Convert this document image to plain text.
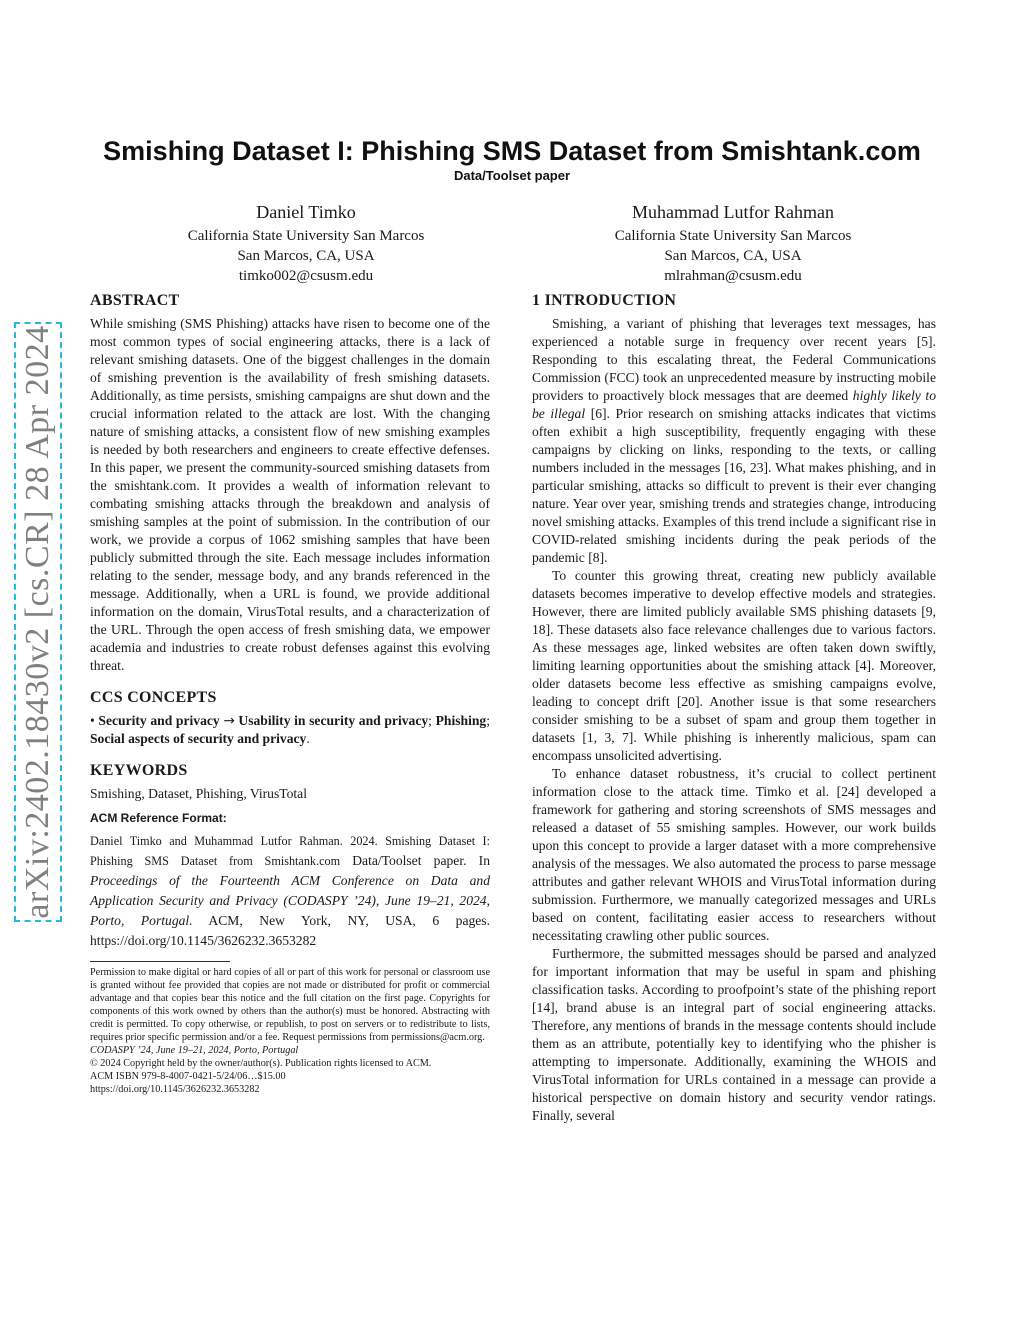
arXiv:2402.18430v2 [cs.CR] 28 Apr 2024
Smishing Dataset I: Phishing SMS Dataset from Smishtank.com
Data/Toolset paper
Daniel Timko
California State University San Marcos
San Marcos, CA, USA
timko002@csusm.edu
Muhammad Lutfor Rahman
California State University San Marcos
San Marcos, CA, USA
mlrahman@csusm.edu
ABSTRACT

While smishing (SMS Phishing) attacks have risen to become one of the most common types of social engineering attacks, there is a lack of relevant smishing datasets. One of the biggest challenges in the domain of smishing prevention is the availability of fresh smishing datasets. Additionally, as time persists, smishing campaigns are shut down and the crucial information related to the attack are lost. With the changing nature of smishing attacks, a consistent flow of new smishing examples is needed by both researchers and engineers to create effective defenses. In this paper, we present the community-sourced smishing datasets from the smishtank.com. It provides a wealth of information relevant to combating smishing attacks through the breakdown and analysis of smishing samples at the point of submission. In the contribution of our work, we provide a corpus of 1062 smishing samples that have been publicly submitted through the site. Each message includes information relating to the sender, message body, and any brands referenced in the message. Additionally, when a URL is found, we provide additional information on the domain, VirusTotal results, and a characterization of the URL. Through the open access of fresh smishing data, we empower academia and industries to create robust defenses against this evolving threat.

CCS CONCEPTS

• Security and privacy → Usability in security and privacy; Phishing; Social aspects of security and privacy.

KEYWORDS

Smishing, Dataset, Phishing, VirusTotal

ACM Reference Format:

Daniel Timko and Muhammad Lutfor Rahman. 2024. Smishing Dataset I: Phishing SMS Dataset from Smishtank.com Data/Toolset paper. In Proceedings of the Fourteenth ACM Conference on Data and Application Security and Privacy (CODASPY ’24), June 19–21, 2024, Porto, Portugal. ACM, New York, NY, USA, 6 pages. https://doi.org/10.1145/3626232.3653282

Permission to make digital or hard copies of all or part of this work for personal or classroom use is granted without fee provided that copies are not made or distributed for profit or commercial advantage and that copies bear this notice and the full citation on the first page. Copyrights for components of this work owned by others than the author(s) must be honored. Abstracting with credit is permitted. To copy otherwise, or republish, to post on servers or to redistribute to lists, requires prior specific permission and/or a fee. Request permissions from permissions@acm.org.

CODASPY ’24, June 19–21, 2024, Porto, Portugal

© 2024 Copyright held by the owner/author(s). Publication rights licensed to ACM.

ACM ISBN 979-8-4007-0421-5/24/06…$15.00

https://doi.org/10.1145/3626232.3653282

1 INTRODUCTION

Smishing, a variant of phishing that leverages text messages, has experienced a notable surge in frequency over recent years [5]. Responding to this escalating threat, the Federal Communications Commission (FCC) took an unprecedented measure by instructing mobile providers to proactively block messages that are deemed highly likely to be illegal [6]. Prior research on smishing attacks indicates that victims often exhibit a high susceptibility, frequently engaging with these campaigns by clicking on links, responding to the texts, or calling numbers included in the messages [16, 23]. What makes phishing, and in particular smishing, attacks so difficult to prevent is their ever changing nature. Year over year, smishing trends and strategies change, introducing novel smishing attacks. Examples of this trend include a significant rise in COVID-related smishing incidents during the peak periods of the pandemic [8].

To counter this growing threat, creating new publicly available datasets becomes imperative to develop effective models and strategies. However, there are limited publicly available SMS phishing datasets [9, 18]. These datasets also face relevance challenges due to various factors. As these messages age, linked websites are often taken down swiftly, limiting learning opportunities about the smishing attack [4]. Moreover, older datasets become less effective as smishing campaigns evolve, leading to concept drift [20]. Another issue is that some researchers consider smishing to be a subset of spam and group them together in datasets [1, 3, 7]. While phishing is inherently malicious, spam can encompass unsolicited advertising.

To enhance dataset robustness, it’s crucial to collect pertinent information close to the attack time. Timko et al. [24] developed a framework for gathering and storing screenshots of SMS messages and released a dataset of 55 smishing samples. However, our work builds upon this concept to provide a larger dataset with a more comprehensive analysis of the messages. We also automated the process to parse message attributes and gather relevant WHOIS and VirusTotal information during submission. Furthermore, we manually categorized messages and URLs based on content, facilitating easier access to researchers without necessitating crawling other public sources.

Furthermore, the submitted messages should be parsed and analyzed for important information that may be useful in spam and phishing classification tasks. According to proofpoint’s state of the phishing report [14], brand abuse is an integral part of social engineering attacks. Therefore, any mentions of brands in the message contents should include them as an attribute, potentially key to identifying who the phisher is attempting to impersonate. Additionally, examining the WHOIS and VirusTotal information for URLs contained in a message can provide a historical perspective on domain history and security vendor ratings. Finally, several
